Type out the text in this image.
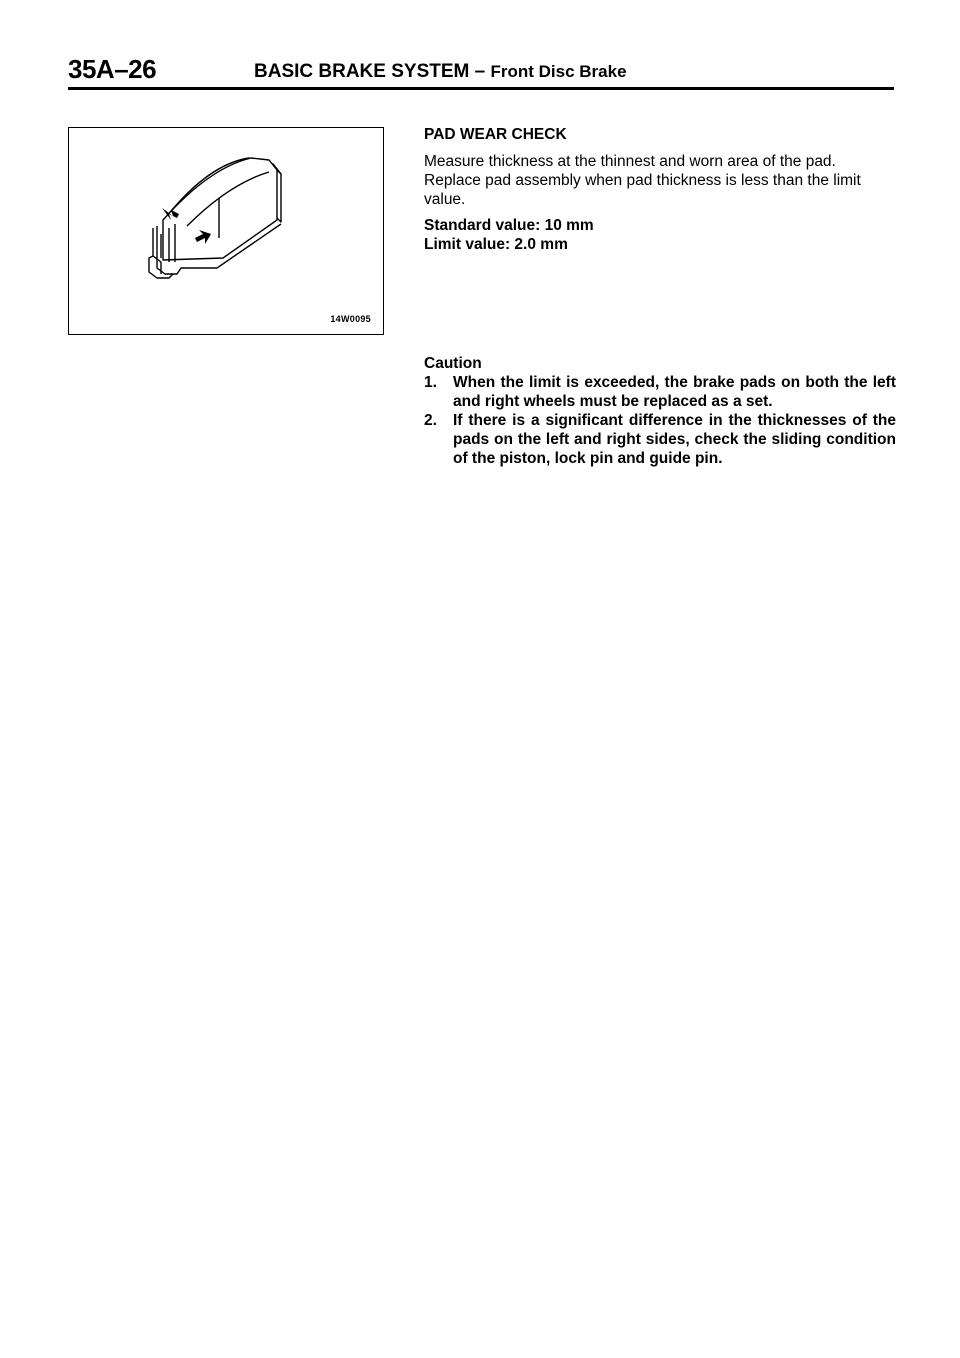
35A–26	BASIC BRAKE SYSTEM – Front Disc Brake
14W0095
PAD WEAR CHECK

Measure thickness at the thinnest and worn area of the pad. Replace pad assembly when pad thickness is less than the limit value.

Standard value: 10 mm

Limit value: 2.0 mm

Caution

1.	When the limit is exceeded, the brake pads on both the left and right wheels must be replaced as a set.
2.	If there is a significant difference in the thicknesses of the pads on the left and right sides, check the sliding condition of the piston, lock pin and guide pin.
